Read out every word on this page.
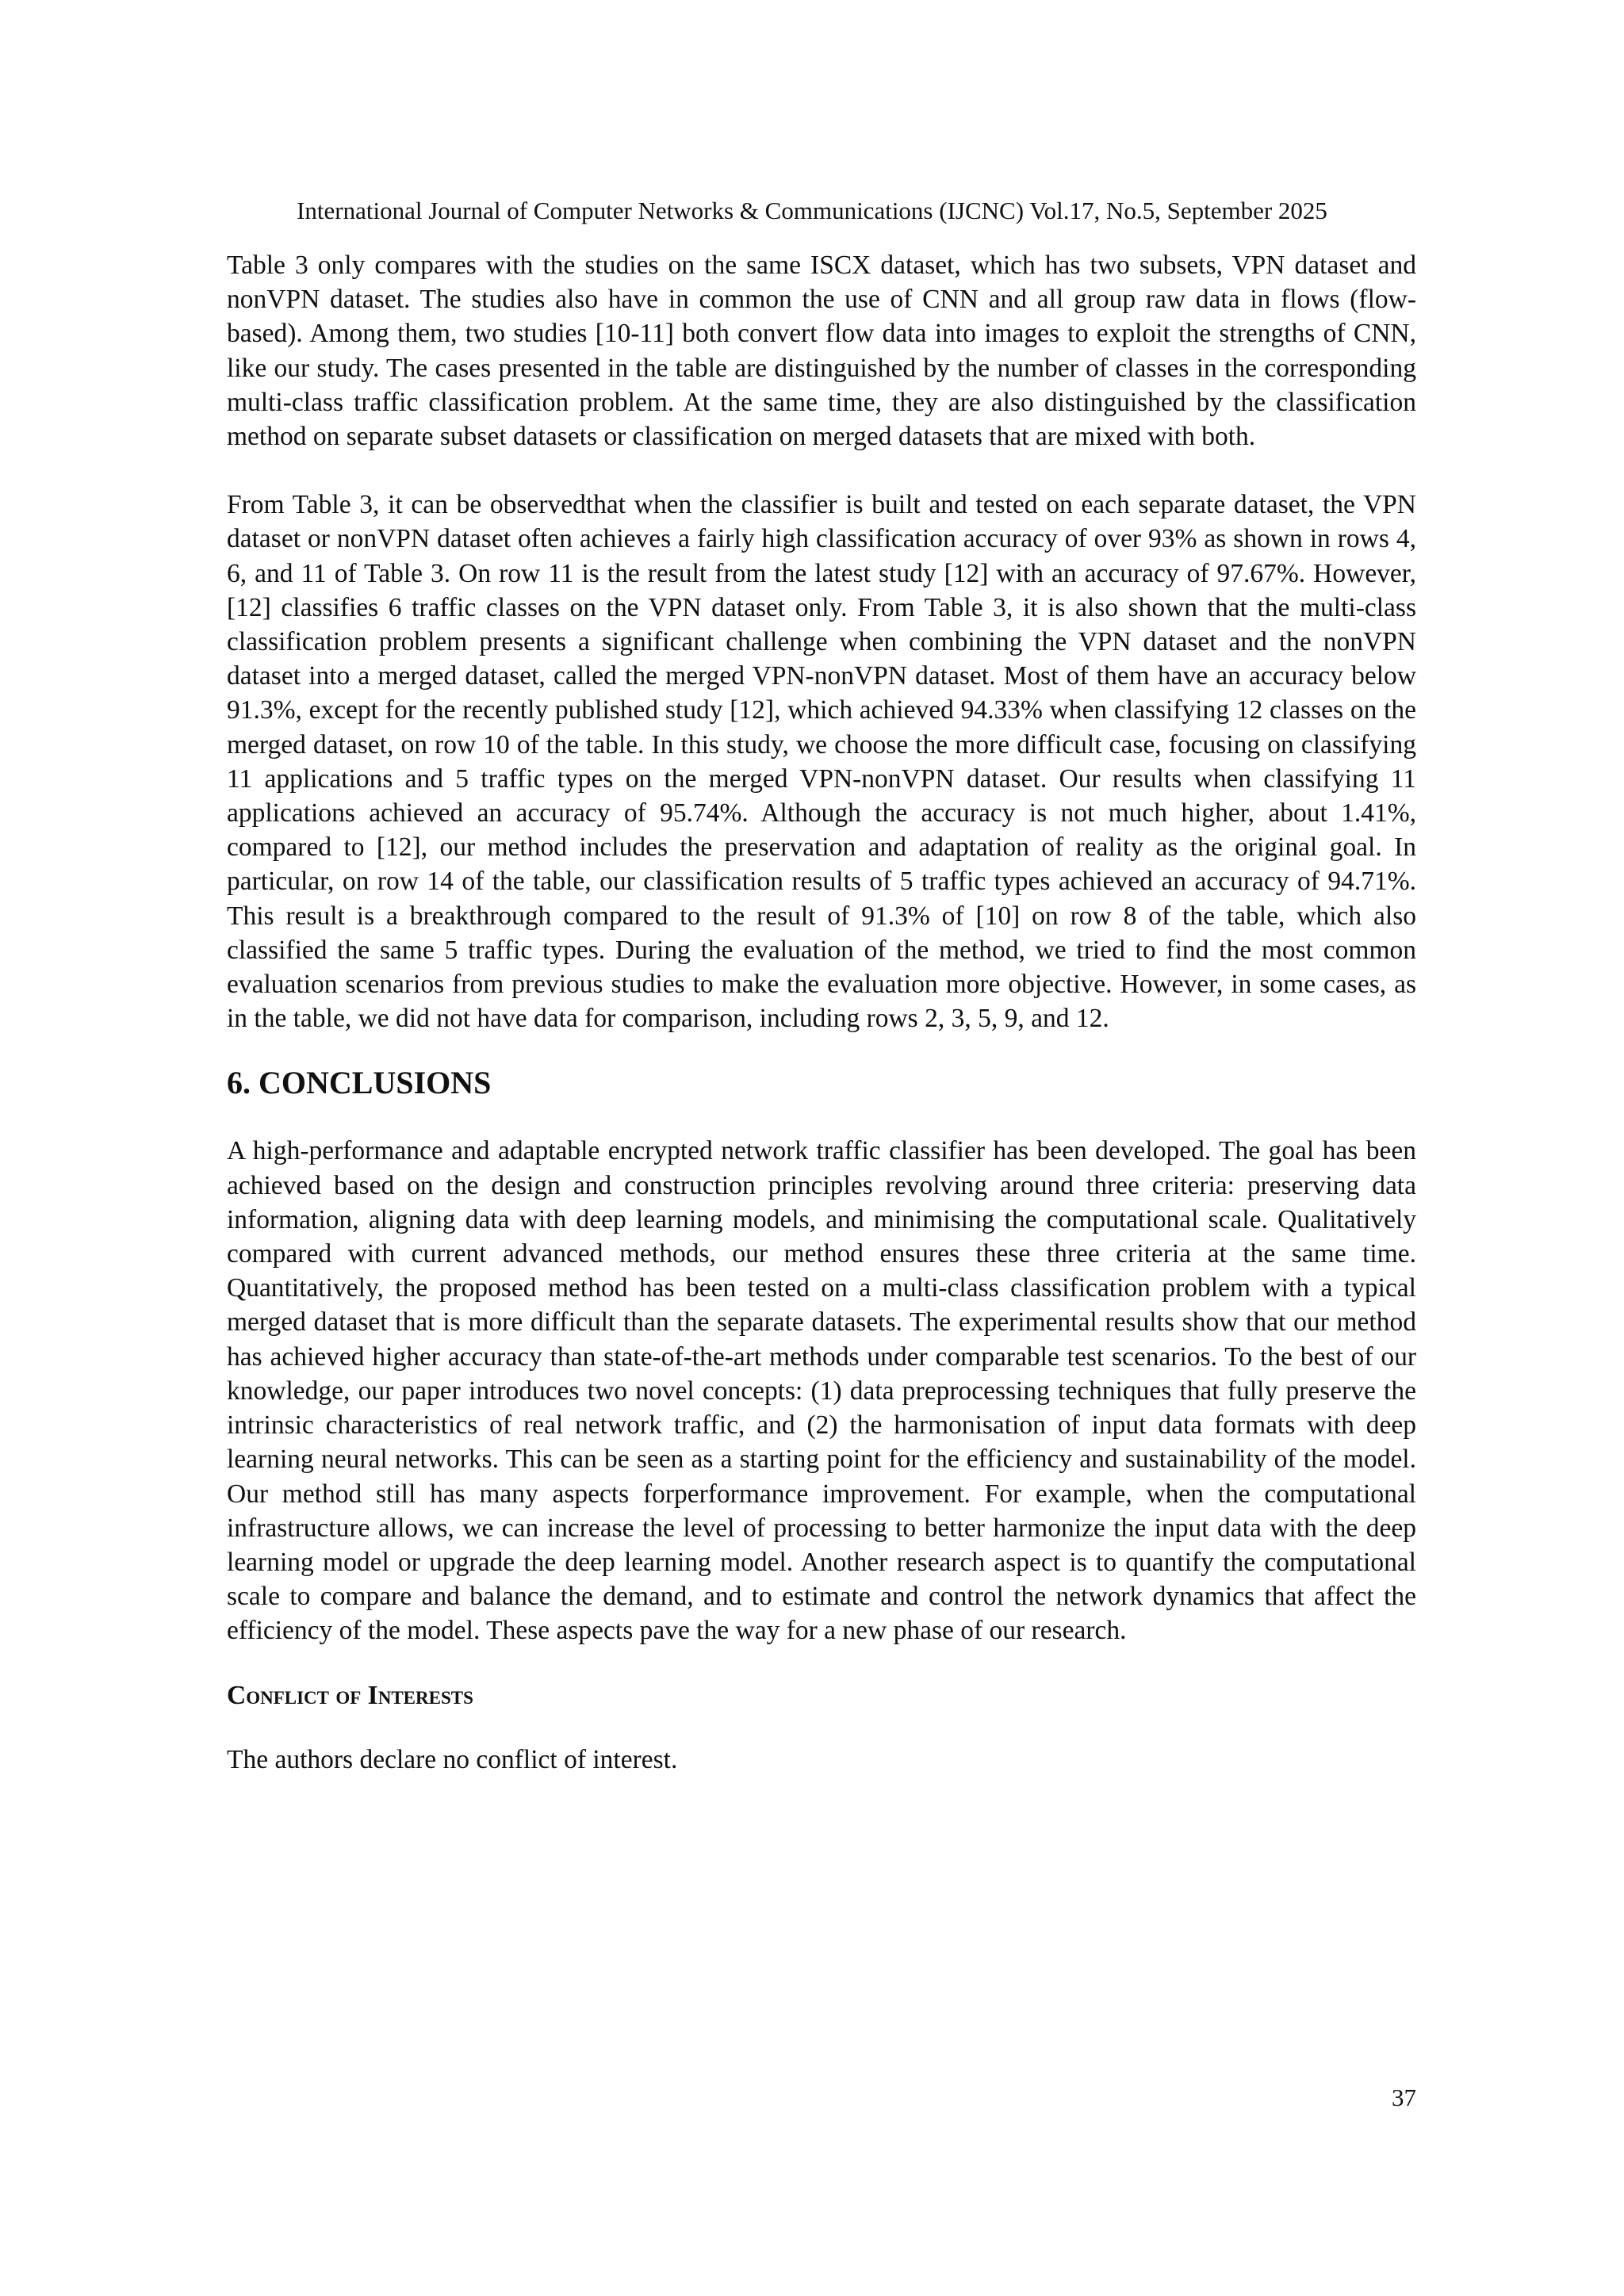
International Journal of Computer Networks & Communications (IJCNC) Vol.17, No.5, September 2025

Table 3 only compares with the studies on the same ISCX dataset, which has two subsets, VPN dataset and nonVPN dataset. The studies also have in common the use of CNN and all group raw data in flows (flow-based). Among them, two studies [10-11] both convert flow data into images to exploit the strengths of CNN, like our study. The cases presented in the table are distinguished by the number of classes in the corresponding multi-class traffic classification problem. At the same time, they are also distinguished by the classification method on separate subset datasets or classification on merged datasets that are mixed with both.

From Table 3, it can be observedthat when the classifier is built and tested on each separate dataset, the VPN dataset or nonVPN dataset often achieves a fairly high classification accuracy of over 93% as shown in rows 4, 6, and 11 of Table 3. On row 11 is the result from the latest study [12] with an accuracy of 97.67%. However, [12] classifies 6 traffic classes on the VPN dataset only. From Table 3, it is also shown that the multi-class classification problem presents a significant challenge when combining the VPN dataset and the nonVPN dataset into a merged dataset, called the merged VPN-nonVPN dataset. Most of them have an accuracy below 91.3%, except for the recently published study [12], which achieved 94.33% when classifying 12 classes on the merged dataset, on row 10 of the table. In this study, we choose the more difficult case, focusing on classifying 11 applications and 5 traffic types on the merged VPN-nonVPN dataset. Our results when classifying 11 applications achieved an accuracy of 95.74%. Although the accuracy is not much higher, about 1.41%, compared to [12], our method includes the preservation and adaptation of reality as the original goal. In particular, on row 14 of the table, our classification results of 5 traffic types achieved an accuracy of 94.71%. This result is a breakthrough compared to the result of 91.3% of [10] on row 8 of the table, which also classified the same 5 traffic types. During the evaluation of the method, we tried to find the most common evaluation scenarios from previous studies to make the evaluation more objective. However, in some cases, as in the table, we did not have data for comparison, including rows 2, 3, 5, 9, and 12.

6. CONCLUSIONS

A high-performance and adaptable encrypted network traffic classifier has been developed. The goal has been achieved based on the design and construction principles revolving around three criteria: preserving data information, aligning data with deep learning models, and minimising the computational scale. Qualitatively compared with current advanced methods, our method ensures these three criteria at the same time. Quantitatively, the proposed method has been tested on a multi-class classification problem with a typical merged dataset that is more difficult than the separate datasets. The experimental results show that our method has achieved higher accuracy than state-of-the-art methods under comparable test scenarios. To the best of our knowledge, our paper introduces two novel concepts: (1) data preprocessing techniques that fully preserve the intrinsic characteristics of real network traffic, and (2) the harmonisation of input data formats with deep learning neural networks. This can be seen as a starting point for the efficiency and sustainability of the model. Our method still has many aspects forperformance improvement. For example, when the computational infrastructure allows, we can increase the level of processing to better harmonize the input data with the deep learning model or upgrade the deep learning model. Another research aspect is to quantify the computational scale to compare and balance the demand, and to estimate and control the network dynamics that affect the efficiency of the model. These aspects pave the way for a new phase of our research.

Conflict of Interests

The authors declare no conflict of interest.

37
